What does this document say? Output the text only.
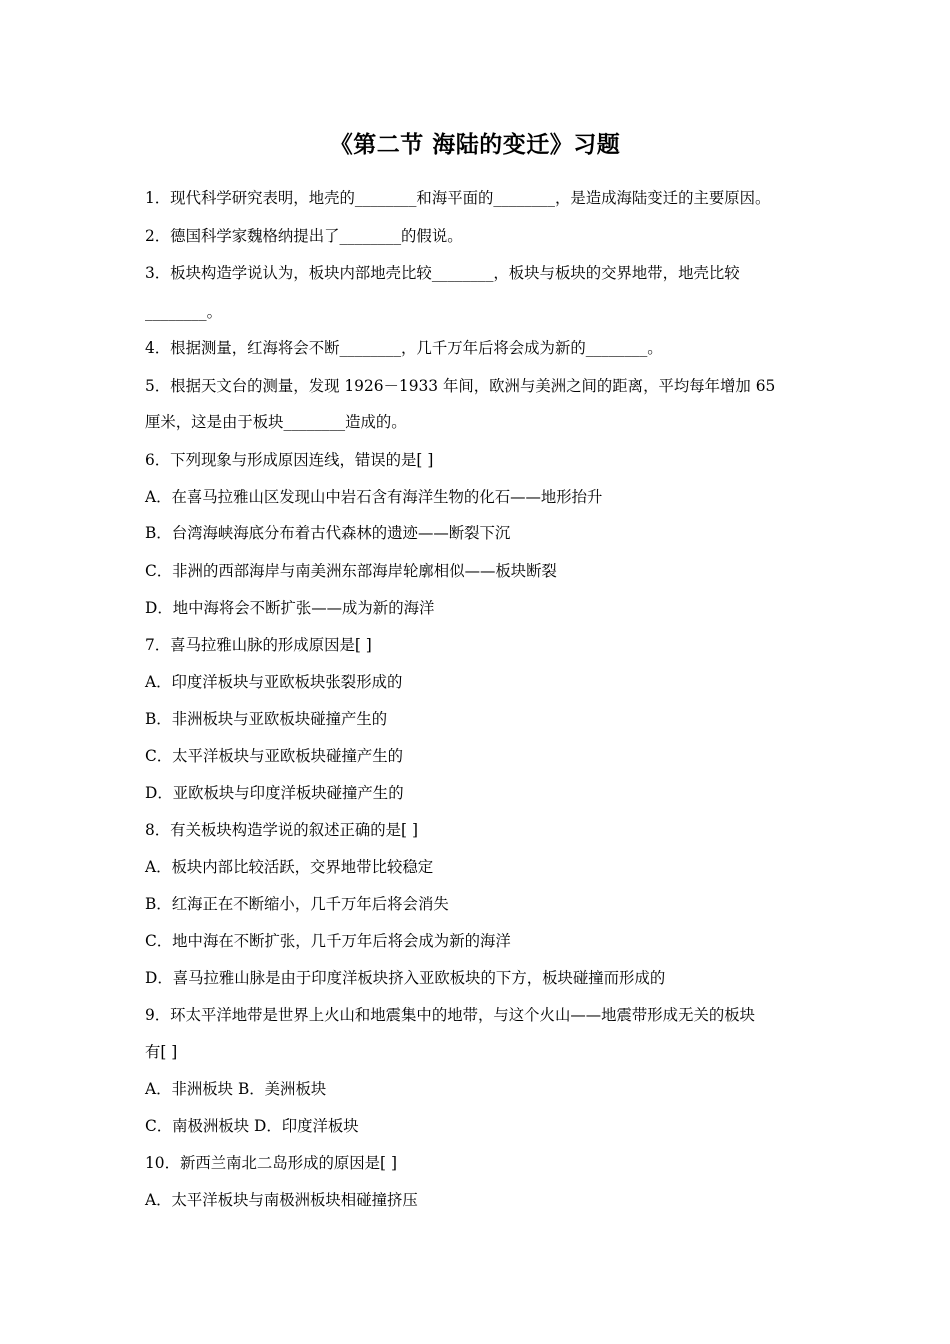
《第二节 海陆的变迁》习题
1．现代科学研究表明，地壳的________和海平面的________，是造成海陆变迁的主要原因。
2．德国科学家魏格纳提出了________的假说。
3．板块构造学说认为，板块内部地壳比较________，板块与板块的交界地带，地壳比较
________。
4．根据测量，红海将会不断________，几千万年后将会成为新的________。
5．根据天文台的测量，发现 1926－1933 年间，欧洲与美洲之间的距离，平均每年增加 65
厘米，这是由于板块________造成的。
6．下列现象与形成原因连线，错误的是[ ]
A．在喜马拉雅山区发现山中岩石含有海洋生物的化石——地形抬升
B．台湾海峡海底分布着古代森林的遗迹——断裂下沉
C．非洲的西部海岸与南美洲东部海岸轮廓相似——板块断裂
D．地中海将会不断扩张——成为新的海洋
7．喜马拉雅山脉的形成原因是[ ]
A．印度洋板块与亚欧板块张裂形成的
B．非洲板块与亚欧板块碰撞产生的
C．太平洋板块与亚欧板块碰撞产生的
D．亚欧板块与印度洋板块碰撞产生的
8．有关板块构造学说的叙述正确的是[ ]
A．板块内部比较活跃，交界地带比较稳定
B．红海正在不断缩小，几千万年后将会消失
C．地中海在不断扩张，几千万年后将会成为新的海洋
D．喜马拉雅山脉是由于印度洋板块挤入亚欧板块的下方，板块碰撞而形成的
9．环太平洋地带是世界上火山和地震集中的地带，与这个火山——地震带形成无关的板块
有[ ]
A．非洲板块 B．美洲板块
C．南极洲板块 D．印度洋板块
10．新西兰南北二岛形成的原因是[ ]
A．太平洋板块与南极洲板块相碰撞挤压
